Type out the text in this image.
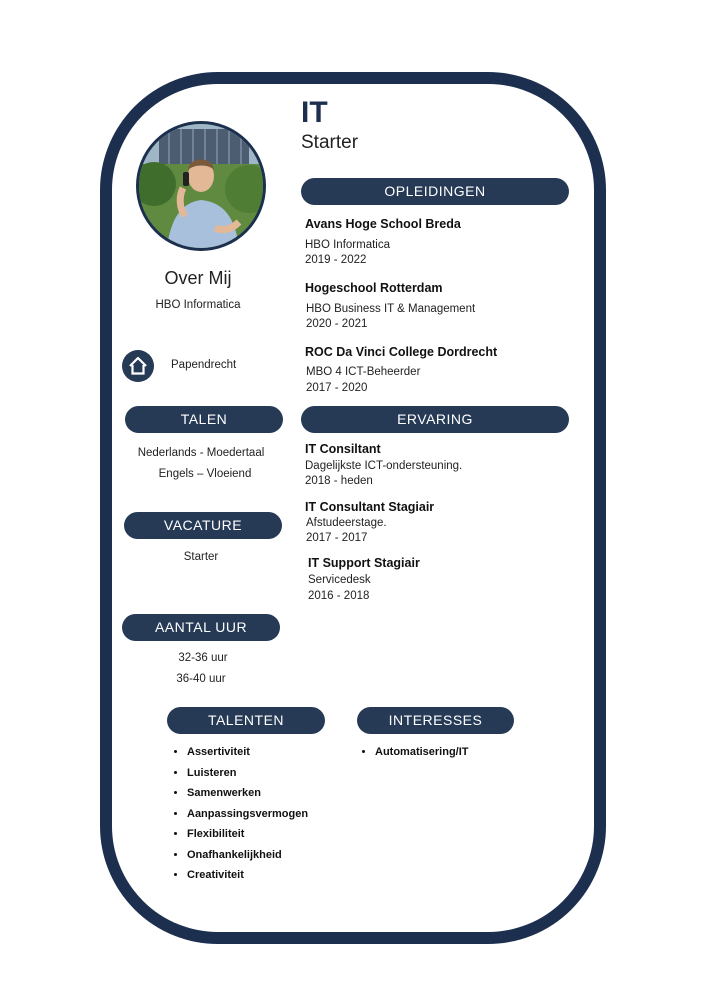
IT
Starter
Over Mij
HBO Informatica
Papendrecht
TALEN
Nederlands - Moedertaal
Engels – Vloeiend
VACATURE
Starter
AANTAL UUR
32-36 uur
36-40 uur
OPLEIDINGEN
Avans Hoge School Breda
HBO Informatica
2019 - 2022
Hogeschool Rotterdam
HBO Business IT & Management
2020 - 2021
ROC Da Vinci College Dordrecht
MBO 4 ICT-Beheerder
2017 - 2020
ERVARING
IT Consiltant
Dagelijkste ICT-ondersteuning.
2018 - heden
IT Consultant Stagiair
Afstudeerstage.
2017 - 2017
IT Support Stagiair
Servicedesk
2016 - 2018
TALENTEN
• Assertiviteit
• Luisteren
• Samenwerken
• Aanpassingsvermogen
• Flexibiliteit
• Onafhankelijkheid
• Creativiteit
INTERESSES
• Automatisering/IT
